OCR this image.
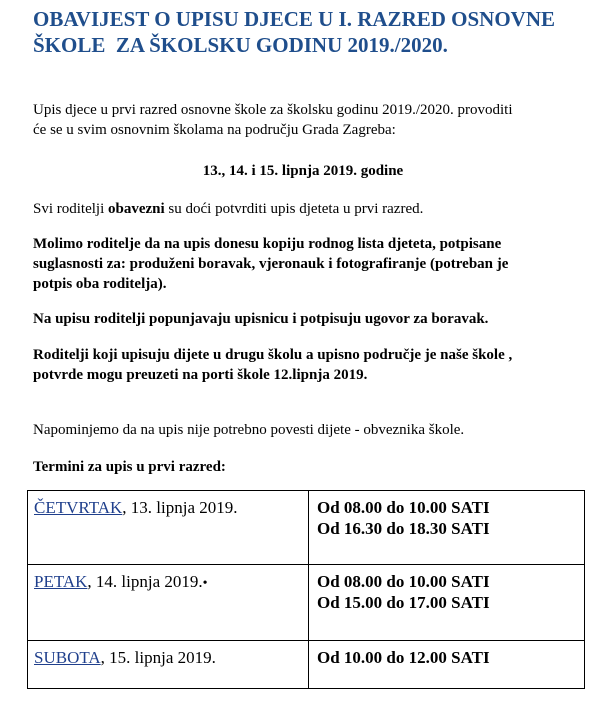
OBAVIJEST O UPISU DJECE U I. RAZRED OSNOVNE
ŠKOLE  ZA ŠKOLSKU GODINU 2019./2020.

Upis djece u prvi razred osnovne škole za školsku godinu 2019./2020. provoditi
će se u svim osnovnim školama na području Grada Zagreba:

13., 14. i 15. lipnja 2019. godine

Svi roditelji obavezni su doći potvrditi upis djeteta u prvi razred.

Molimo roditelje da na upis donesu kopiju rodnog lista djeteta, potpisane
suglasnosti za: produženi boravak, vjeronauk i fotografiranje (potreban je
potpis oba roditelja).

Na upisu roditelji popunjavaju upisnicu i potpisuju ugovor za boravak.

Roditelji koji upisuju dijete u drugu školu a upisno područje je naše škole ,
potvrde mogu preuzeti na porti škole 12.lipnja 2019.

Napominjemo da na upis nije potrebno povesti dijete - obveznika škole.

Termini za upis u prvi razred:

ČETVRTAK, 13. lipnja 2019.	Od 08.00 do 10.00 SATI
Od 16.30 do 18.30 SATI
PETAK, 14. lipnja 2019.•	Od 08.00 do 10.00 SATI
Od 15.00 do 17.00 SATI
SUBOTA, 15. lipnja 2019.	Od 10.00 do 12.00 SATI
